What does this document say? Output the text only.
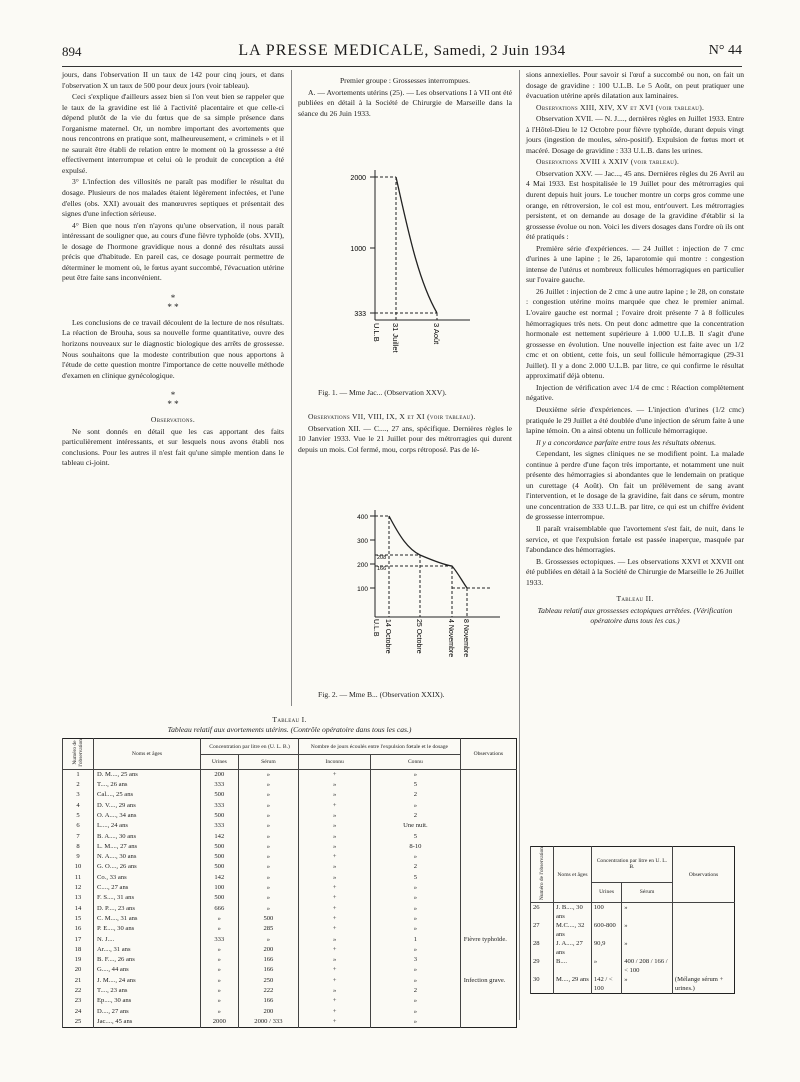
894	LA PRESSE MEDICALE, Samedi, 2 Juin 1934	N° 44

jours, dans l'observation II un taux de 142 pour cinq jours, et dans l'observation X un taux de 500 pour deux jours (voir tableau).

Ceci s'explique d'ailleurs assez bien si l'on veut bien se rappeler que le taux de la gravidine est lié à l'activité placentaire et que celle-ci dépend plutôt de la vie du fœtus que de sa simple présence dans l'organisme maternel. Or, un nombre important des avortements que nous rencontrons en pratique sont, malheureusement, « criminels » et il ne saurait être établi de relation entre le moment où la grossesse a été effectivement interrompue et celui où le produit de conception a été expulsé.

3° L'infection des villosités ne paraît pas modifier le résultat du dosage. Plusieurs de nos malades étaient légèrement infectées, et l'une d'elles (obs. XXI) avouait des manœuvres septiques et présentait des signes d'une infection sérieuse.

4° Bien que nous n'en n'ayons qu'une observation, il nous paraît intéressant de souligner que, au cours d'une fièvre typhoïde (obs. XVII), le dosage de l'hormone gravidique nous a donné des résultats aussi précis que d'habitude. En pareil cas, ce dosage pourrait permettre de déterminer le moment où, le fœtus ayant succombé, l'évacuation utérine peut être faite sans inconvénient.

*
* *

Les conclusions de ce travail découlent de la lecture de nos résultats. La réaction de Brouha, sous sa nouvelle forme quantitative, ouvre des horizons nouveaux sur le diagnostic biologique des arrêts de grossesse. Nous souhaitons que la modeste contribution que nous apportons à l'étude de cette question montre l'importance de cette nouvelle méthode d'examen en clinique gynécologique.

*
* *

Observations.

Ne sont donnés en détail que les cas apportant des faits particulièrement intéressants, et sur lesquels nous avons établi nos conclusions. Pour les autres il n'est fait qu'une simple mention dans le tableau ci-joint.

Premier groupe : Grossesses interrompues.

A. — Avortements utérins (25). — Les observations I à VII ont été publiées en détail à la Société de Chirurgie de Marseille dans la séance du 26 Juin 1933.

2000
1000
333
U.L.B 31 Juillet	3 Août
Fig. 1. — Mme Jac... (Observation XXV).

Observations VII, VIII, IX, X et XI (voir tableau).

Observation XII. — C...., 27 ans, spécifique. Dernières règles le 10 Janvier 1933. Vue le 21 Juillet pour des métrorragies qui durent depuis un mois. Col fermé, mou, corps rétroposé. Pas de lé-

400
300
208
166
200
100
U.L.B 14 Octobre	25 Octobre	4 Novembre 8 Novembre
Fig. 2. — Mme B... (Observation XXIX).
Tableau I.
Tableau relatif aux avortements utérins. (Contrôle opératoire dans tous les cas.)
Numéro de l'observation	Noms et âges	Concentration par litre en (U. L. B.)		Nombre de jours écoulés entre l'expulsion fœtale et le dosage		Observations
		Urines	Sérum	Inconnu	Connu	
1	D. M...., 25 ans	200	»	+	»	
2	T...., 26 ans	333	»	»	5	
3	Cal...., 25 ans	500	»	»	2	
4	D. V...., 29 ans	333	»	+	»	
5	O. A...., 34 ans	500	»	»	2	
6	L...., 24 ans	333	»	»	Une nuit.	
7	B. A...., 30 ans	142	»	»	5	
8	L. M...., 27 ans	500	»	»	8-10	
9	N. A...., 30 ans	500	»	+	»	
10	G. O...., 26 ans	500	»	»	2	
11	Co., 33 ans	142	»	»	5	
12	C...., 27 ans	100	»	+	»	
13	F. S...., 31 ans	500	»	+	»	
14	D. P...., 23 ans	666	»	+	»	
15	C. M...., 31 ans	»	500	+	»	
16	P. E...., 30 ans	»	285	+	»	
17	N. J....	333	»	»	1	Fièvre typhoïde.
18	Ar...., 31 ans	»	200	+	»	
19	B. F...., 26 ans	»	166	»	3	
20	G...., 44 ans	»	166	+	»	
21	J. M...., 24 ans	»	250	+	»	Infection grave.
22	T...., 23 ans	»	222	»	2	
23	Ep...., 30 ans	»	166	+	»	
24	D...., 27 ans	»	200	+	»	
25	Jac...., 45 ans	2000	2000 / 333	+	»	

sions annexielles. Pour savoir si l'œuf a succombé ou non, on fait un dosage de gravidine : 100 U.L.B. Le 5 Août, on peut pratiquer une évacuation utérine après dilatation aux laminaires.

Observations XIII, XIV, XV et XVI (voir tableau).

Observation XVII. — N. J...., dernières règles en Juillet 1933. Entre à l'Hôtel-Dieu le 12 Octobre pour fièvre typhoïde, durant depuis vingt jours (ingestion de moules, séro-positif). Expulsion de fœtus mort et macéré. Dosage de gravidine : 333 U.L.B. dans les urines.

Observations XVIII à XXIV (voir tableau).

Observation XXV. — Jac..., 45 ans. Dernières règles du 26 Avril au 4 Mai 1933. Est hospitalisée le 19 Juillet pour des métrorragies qui durent depuis huit jours. Le toucher montre un corps gros comme une orange, en rétroversion, le col est mou, entr'ouvert. Les métrorragies persistent, et on demande au dosage de la gravidine d'établir si la grossesse évolue ou non. Voici les divers dosages dans l'ordre où ils ont été pratiqués :

Première série d'expériences. — 24 Juillet : injection de 7 cmc d'urines à une lapine ; le 26, laparotomie qui montre : congestion intense de l'utérus et nombreux follicules hémorragiques en particulier sur l'ovaire gauche.

26 Juillet : injection de 2 cmc à une autre lapine ; le 28, on constate : congestion utérine moins marquée que chez le premier animal. L'ovaire gauche est normal ; l'ovaire droit présente 7 à 8 follicules hémorragiques très nets. On peut donc admettre que la concentration hormonale est nettement supérieure à 1.000 U.L.B. Il s'agit d'une grossesse en évolution. Une nouvelle injection est faite avec un 1/2 cmc et on obtient, cette fois, un seul follicule hémorragique (29-31 Juillet). Il y a donc 2.000 U.L.B. par litre, ce qui confirme le résultat approximatif déjà obtenu.

Injection de vérification avec 1/4 de cmc : Réaction complètement négative.

Deuxième série d'expériences. — L'injection d'urines (1/2 cmc) pratiquée le 29 Juillet a été doublée d'une injection de sérum faite à une lapine témoin. On a ainsi obtenu un follicule hémorragique.

Il y a concordance parfaite entre tous les résultats obtenus.

Cependant, les signes cliniques ne se modifient point. La malade continue à perdre d'une façon très importante, et notamment une nuit présente des hémorragies si abondantes que le lendemain on pratique un curettage (4 Août). On fait un prélèvement de sang avant l'intervention, et le dosage de la gravidine, fait dans ce sérum, montre une concentration de 333 U.L.B. par litre, ce qui est un chiffre évident de grossesse interrompue.

Il paraît vraisemblable que l'avortement s'est fait, de nuit, dans le service, et que l'expulsion fœtale est passée inaperçue, masquée par l'abondance des hémorragies.

B. Grossesses ectopiques. — Les observations XXVI et XXVII ont été publiées en détail à la Société de Chirurgie de Marseille le 26 Juillet 1933.

Tableau II.

Tableau relatif aux grossesses ectopiques arrêtées. (Vérification opératoire dans tous les cas.)

Numéro de l'observation	Noms et âges	Concentration par litre en U. L. B.		Observations
		Urines	Sérum	
26	J. B...., 30 ans	100	»	
27	M.C...., 32 ans	600-800	»	
28	J. A...., 27 ans	90,9	»	
29	B....	»	400 / 208 / 166 / < 100	
30	M...., 29 ans	142 / < 100	»	(Mélange sérum + urines.)
